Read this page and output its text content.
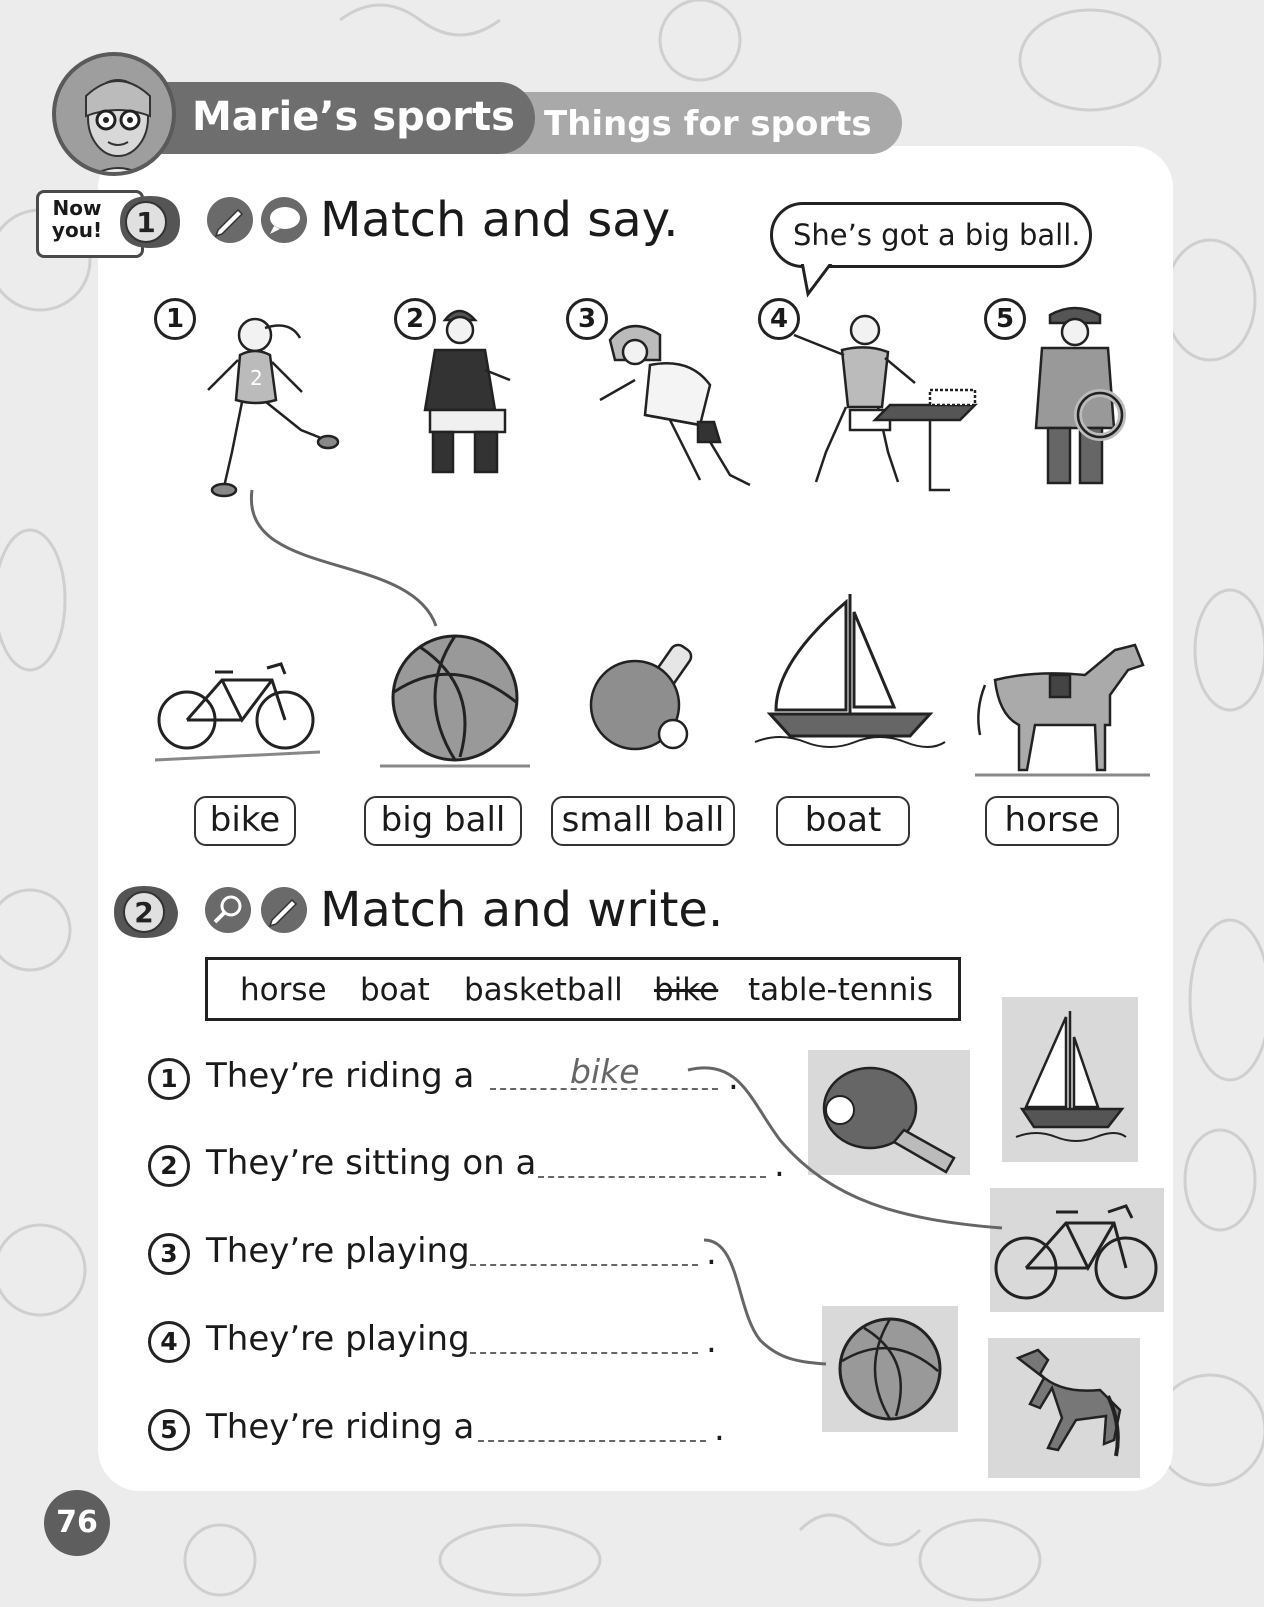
Things for sports
Marie’s sports
Now
you! 1	Match and say.	She’s got a big ball.
1	2	3	4	5
2
bike	big ball	small ball	boat	horse
2	Match and write.
horse boat basketball bike table-tennis
1 They’re riding a	bike	.
2 They’re sitting on a	.
3 They’re playing	.
4 They’re playing	.
5 They’re riding a	.
76
